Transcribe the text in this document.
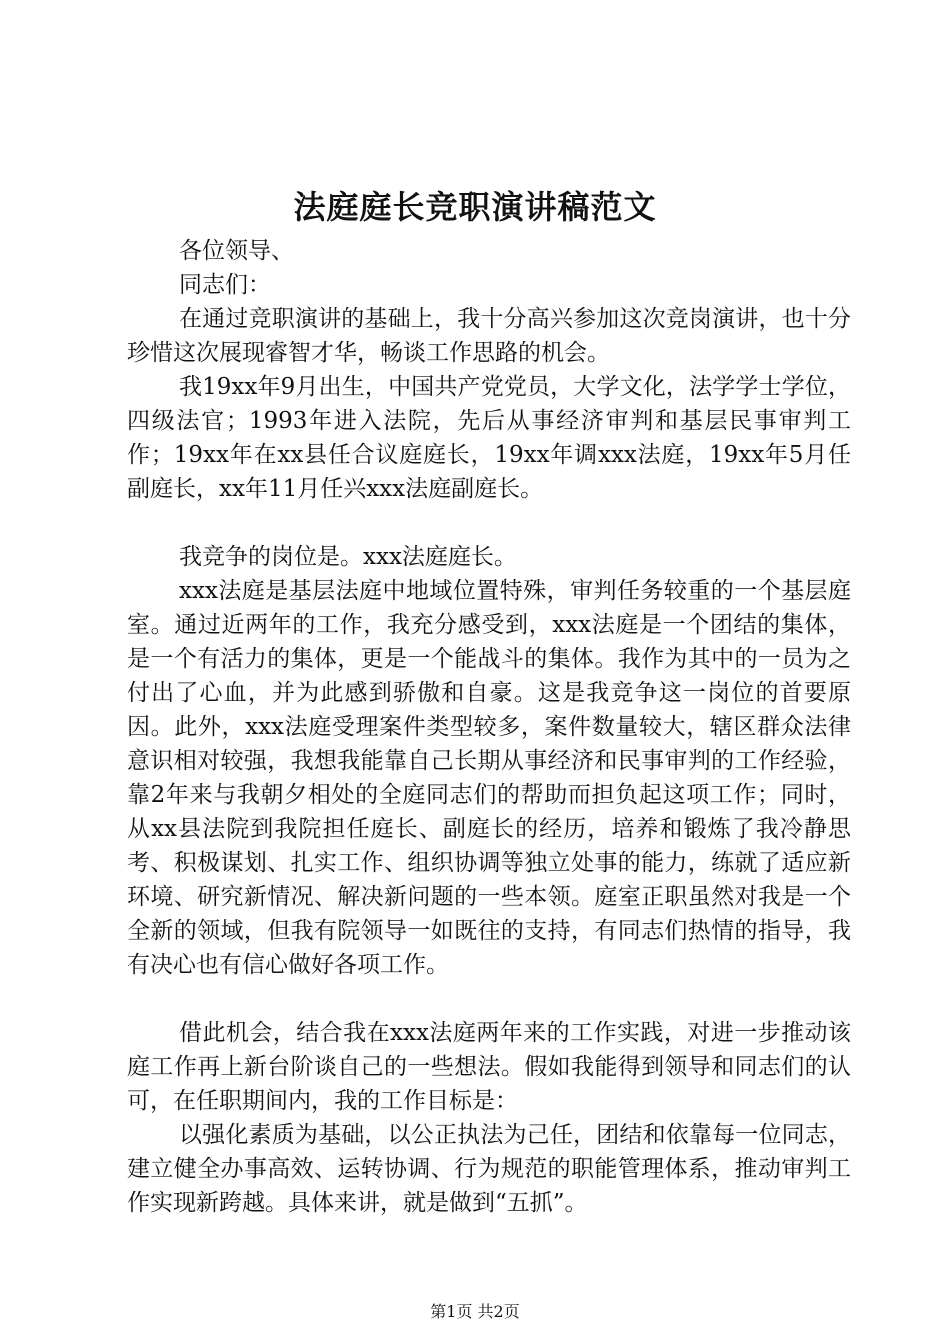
法庭庭长竞职演讲稿范文

各位领导、

同志们：

在通过竞职演讲的基础上，我十分高兴参加这次竞岗演讲，也十分珍惜这次展现睿智才华，畅谈工作思路的机会。

我19xx年9月出生，中国共产党党员，大学文化，法学学士学位，四级法官；1993年进入法院，先后从事经济审判和基层民事审判工作；19xx年在xx县任合议庭庭长，19xx年调xxx法庭，19xx年5月任副庭长，xx年11月任兴xxx法庭副庭长。

我竞争的岗位是。xxx法庭庭长。

xxx法庭是基层法庭中地域位置特殊，审判任务较重的一个基层庭室。通过近两年的工作，我充分感受到，xxx法庭是一个团结的集体，是一个有活力的集体，更是一个能战斗的集体。我作为其中的一员为之付出了心血，并为此感到骄傲和自豪。这是我竞争这一岗位的首要原因。此外，xxx法庭受理案件类型较多，案件数量较大，辖区群众法律意识相对较强，我想我能靠自己长期从事经济和民事审判的工作经验，靠2年来与我朝夕相处的全庭同志们的帮助而担负起这项工作；同时，从xx县法院到我院担任庭长、副庭长的经历，培养和锻炼了我冷静思考、积极谋划、扎实工作、组织协调等独立处事的能力，练就了适应新环境、研究新情况、解决新问题的一些本领。庭室正职虽然对我是一个全新的领域，但我有院领导一如既往的支持，有同志们热情的指导，我有决心也有信心做好各项工作。

借此机会，结合我在xxx法庭两年来的工作实践，对进一步推动该庭工作再上新台阶谈自己的一些想法。假如我能得到领导和同志们的认可，在任职期间内，我的工作目标是：

以强化素质为基础，以公正执法为己任，团结和依靠每一位同志，建立健全办事高效、运转协调、行为规范的职能管理体系，推动审判工作实现新跨越。具体来讲，就是做到“五抓”。

第1页 共2页
